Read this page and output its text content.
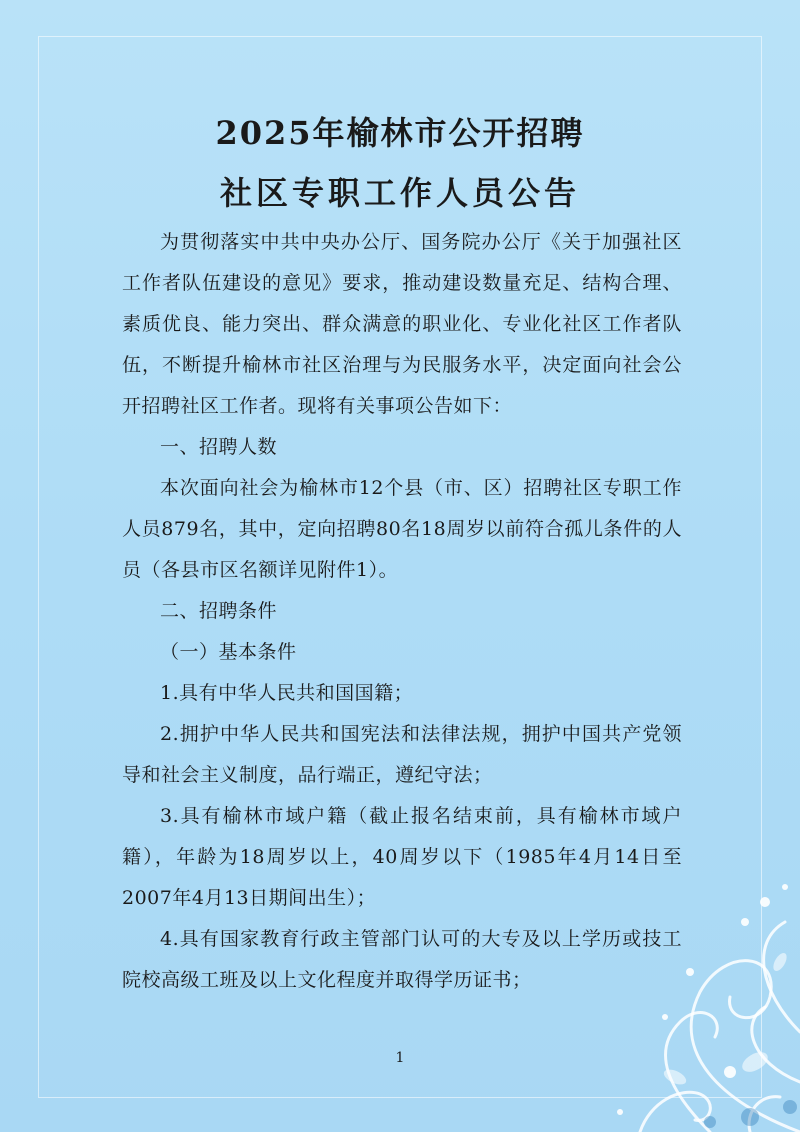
2025年榆林市公开招聘
社区专职工作人员公告

为贯彻落实中共中央办公厅、国务院办公厅《关于加强社区工作者队伍建设的意见》要求，推动建设数量充足、结构合理、素质优良、能力突出、群众满意的职业化、专业化社区工作者队伍，不断提升榆林市社区治理与为民服务水平，决定面向社会公开招聘社区工作者。现将有关事项公告如下：

一、招聘人数

本次面向社会为榆林市12个县（市、区）招聘社区专职工作人员879名，其中，定向招聘80名18周岁以前符合孤儿条件的人员（各县市区名额详见附件1）。

二、招聘条件

（一）基本条件

1.具有中华人民共和国国籍；

2.拥护中华人民共和国宪法和法律法规，拥护中国共产党领导和社会主义制度，品行端正，遵纪守法；

3.具有榆林市域户籍（截止报名结束前，具有榆林市域户籍），年龄为18周岁以上，40周岁以下（1985年4月14日至2007年4月13日期间出生）；

4.具有国家教育行政主管部门认可的大专及以上学历或技工院校高级工班及以上文化程度并取得学历证书；

1
